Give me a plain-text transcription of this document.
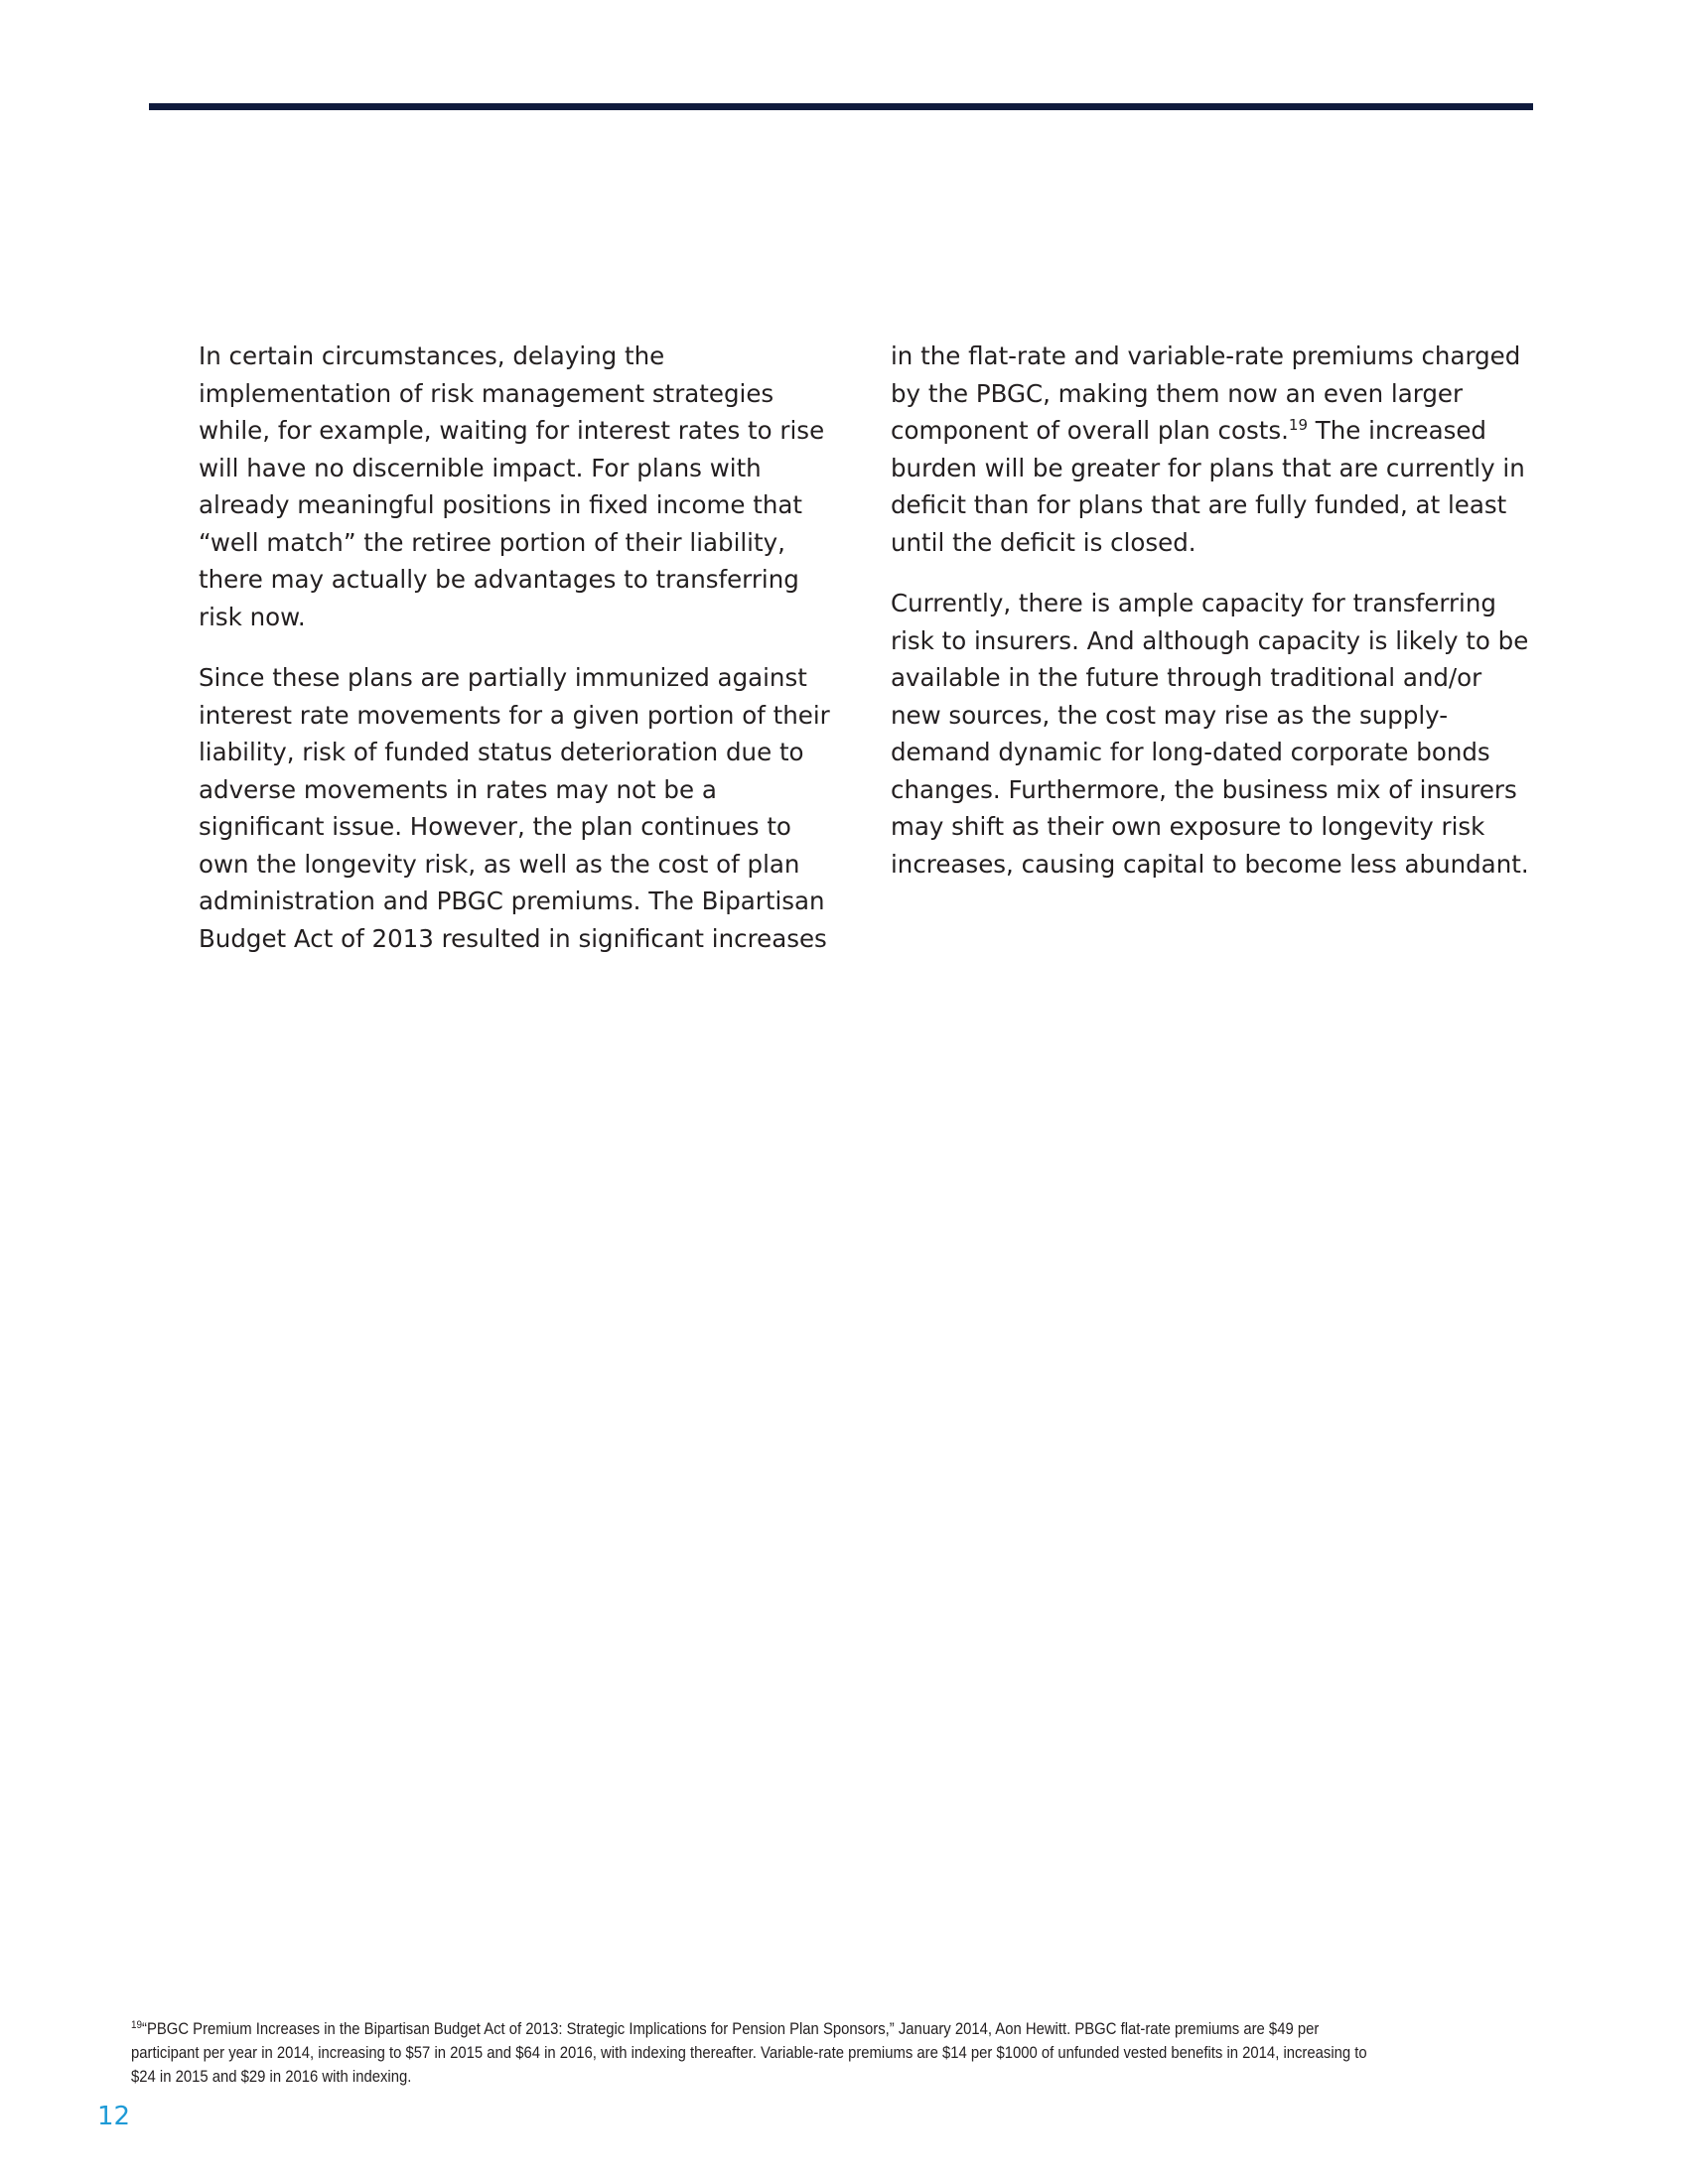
In certain circumstances, delaying the implementation of risk management strategies while, for example, waiting for interest rates to rise will have no discernible impact. For plans with already meaningful positions in fixed income that “well match” the retiree portion of their liability, there may actually be advantages to transferring risk now.

Since these plans are partially immunized against interest rate movements for a given portion of their liability, risk of funded status deterioration due to adverse movements in rates may not be a significant issue. However, the plan continues to own the longevity risk, as well as the cost of plan administration and PBGC premiums. The Bipartisan Budget Act of 2013 resulted in significant increases

in the flat-rate and variable-rate premiums charged by the PBGC, making them now an even larger component of overall plan costs.$^{19}$ The increased burden will be greater for plans that are currently in deficit than for plans that are fully funded, at least until the deficit is closed.

Currently, there is ample capacity for transferring risk to insurers. And although capacity is likely to be available in the future through traditional and/or new sources, the cost may rise as the supply-demand dynamic for long-dated corporate bonds changes. Furthermore, the business mix of insurers may shift as their own exposure to longevity risk increases, causing capital to become less abundant.

$^{19}$“PBGC Premium Increases in the Bipartisan Budget Act of 2013: Strategic Implications for Pension Plan Sponsors,” January 2014, Aon Hewitt. PBGC flat-rate premiums are $49 per participant per year in 2014, increasing to $57 in 2015 and $64 in 2016, with indexing thereafter. Variable-rate premiums are $14 per $1000 of unfunded vested benefits in 2014, increasing to $24 in 2015 and $29 in 2016 with indexing.
12
